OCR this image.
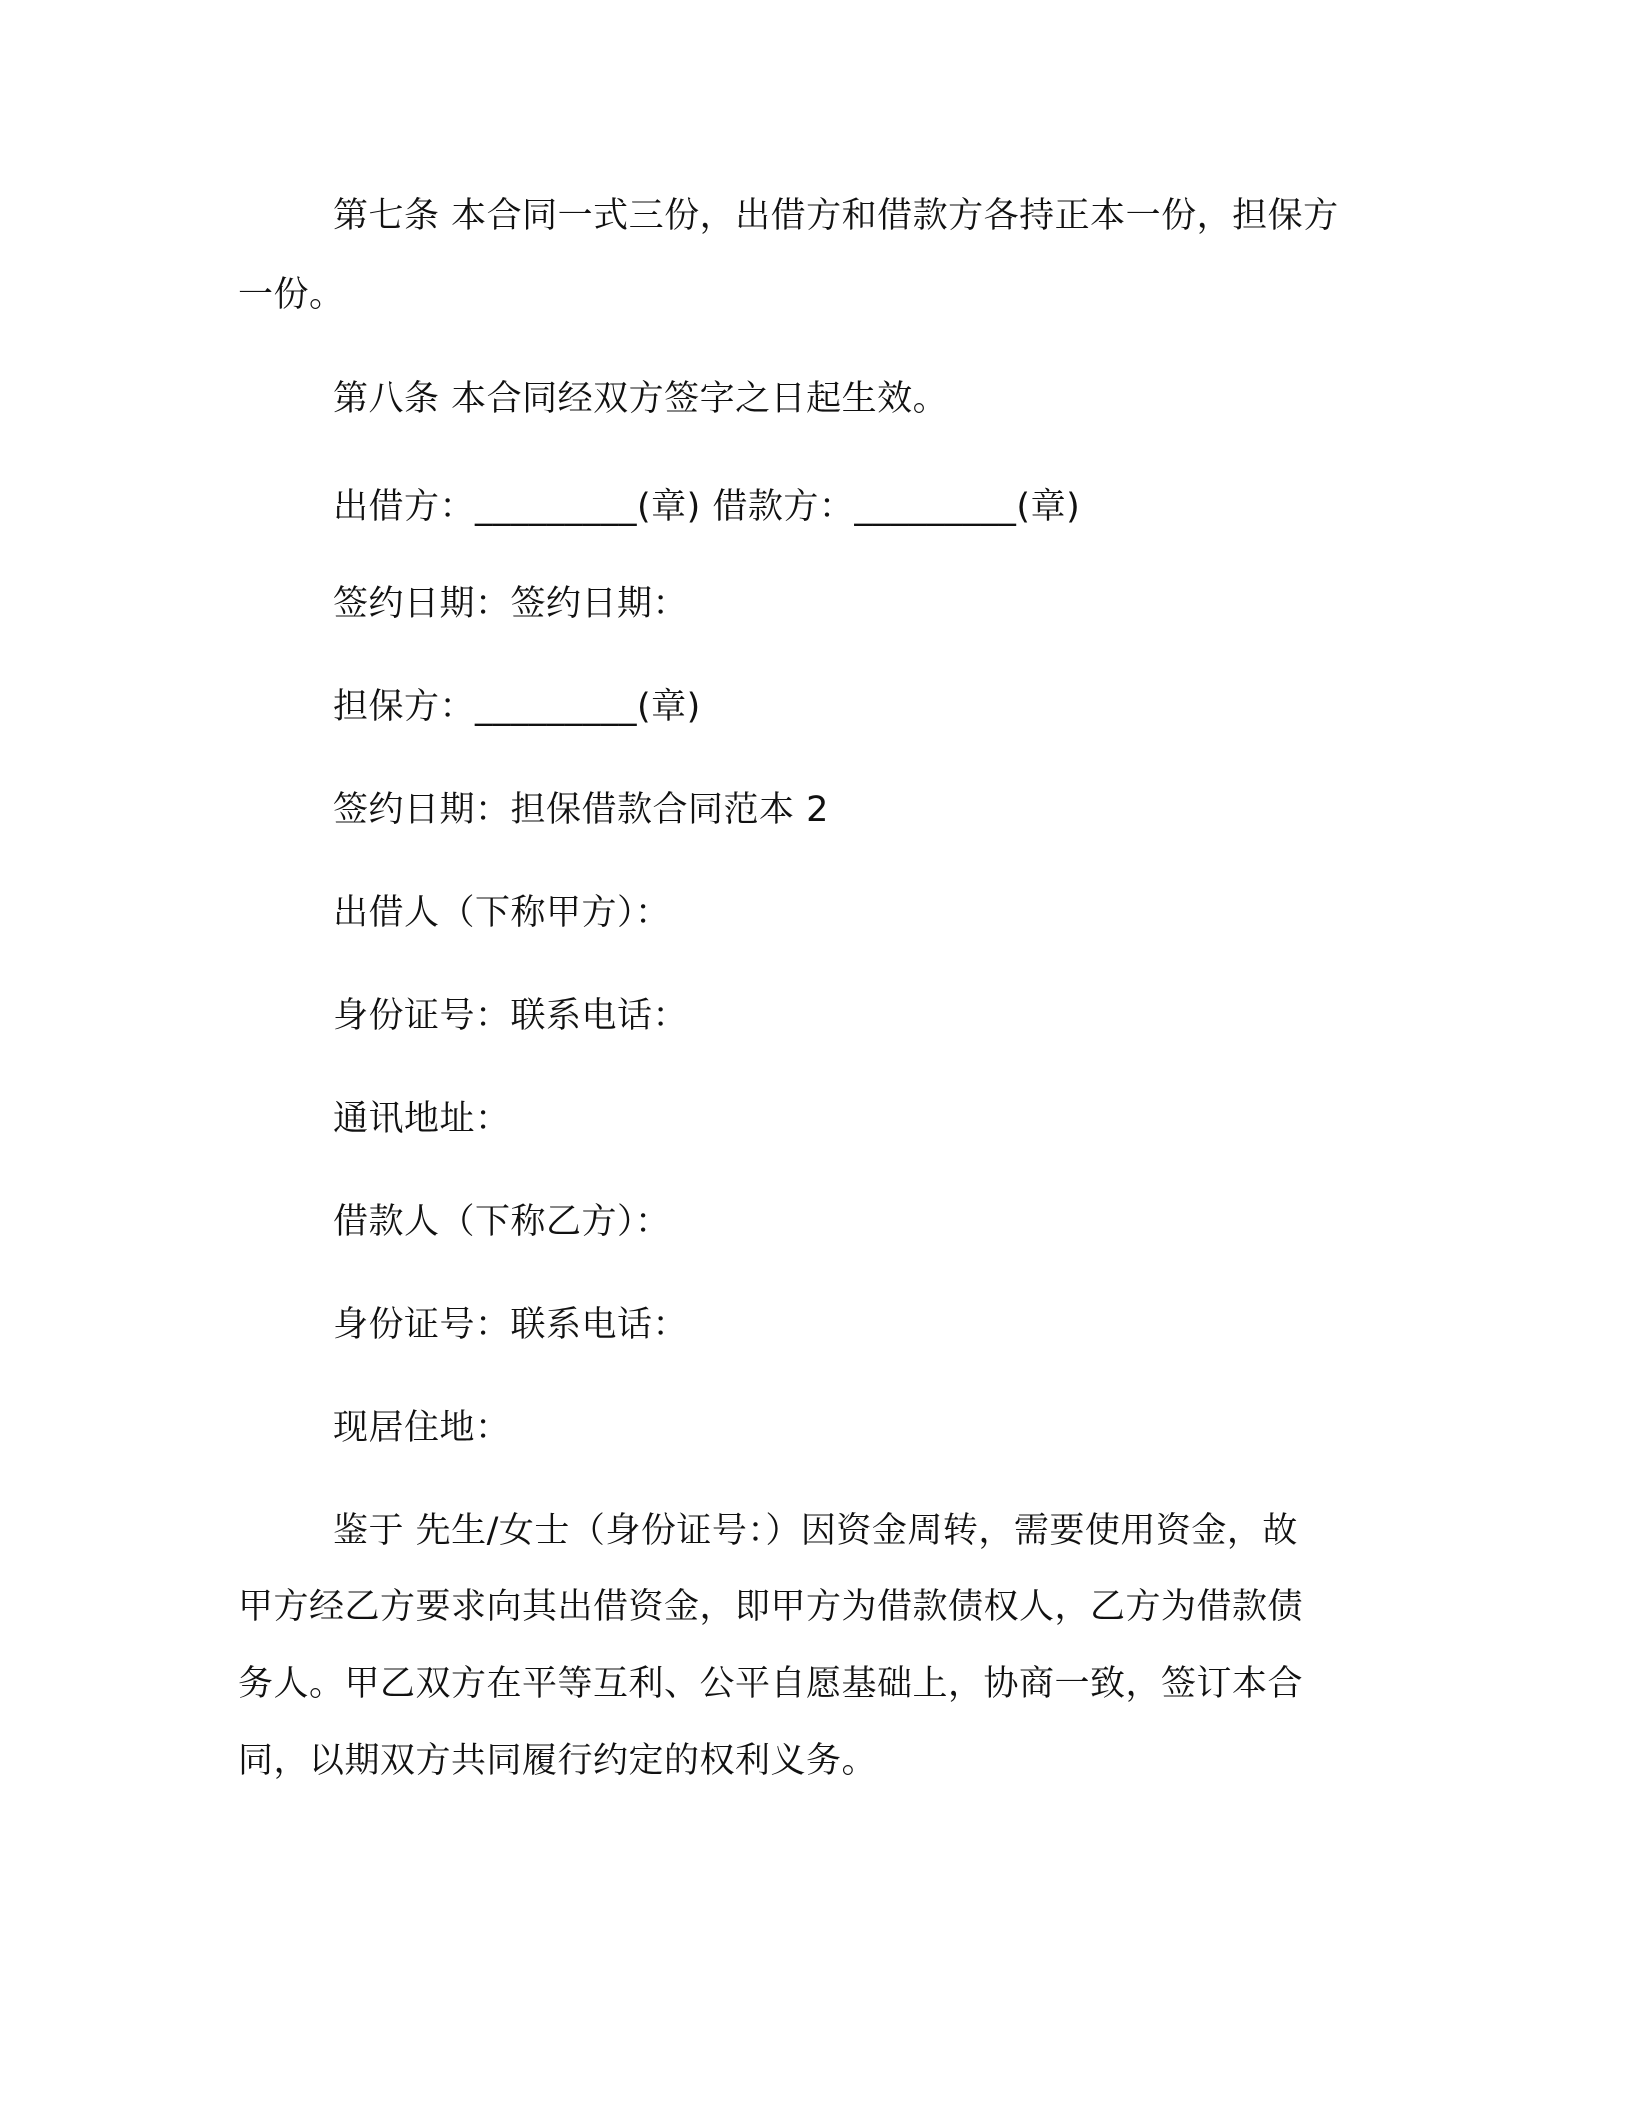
第七条 本合同一式三份，出借方和借款方各持正本一份，担保方
一份。
第八条 本合同经双方签字之日起生效。
出借方：_________(章) 借款方：_________(章)
签约日期：签约日期：
担保方：_________(章)
签约日期：担保借款合同范本 2
出借人（下称甲方）：
身份证号：联系电话：
通讯地址：
借款人（下称乙方）：
身份证号：联系电话：
现居住地：
鉴于 先生/女士（身份证号：）因资金周转，需要使用资金，故
甲方经乙方要求向其出借资金，即甲方为借款债权人，乙方为借款债
务人。甲乙双方在平等互利、公平自愿基础上，协商一致，签订本合
同，以期双方共同履行约定的权利义务。
